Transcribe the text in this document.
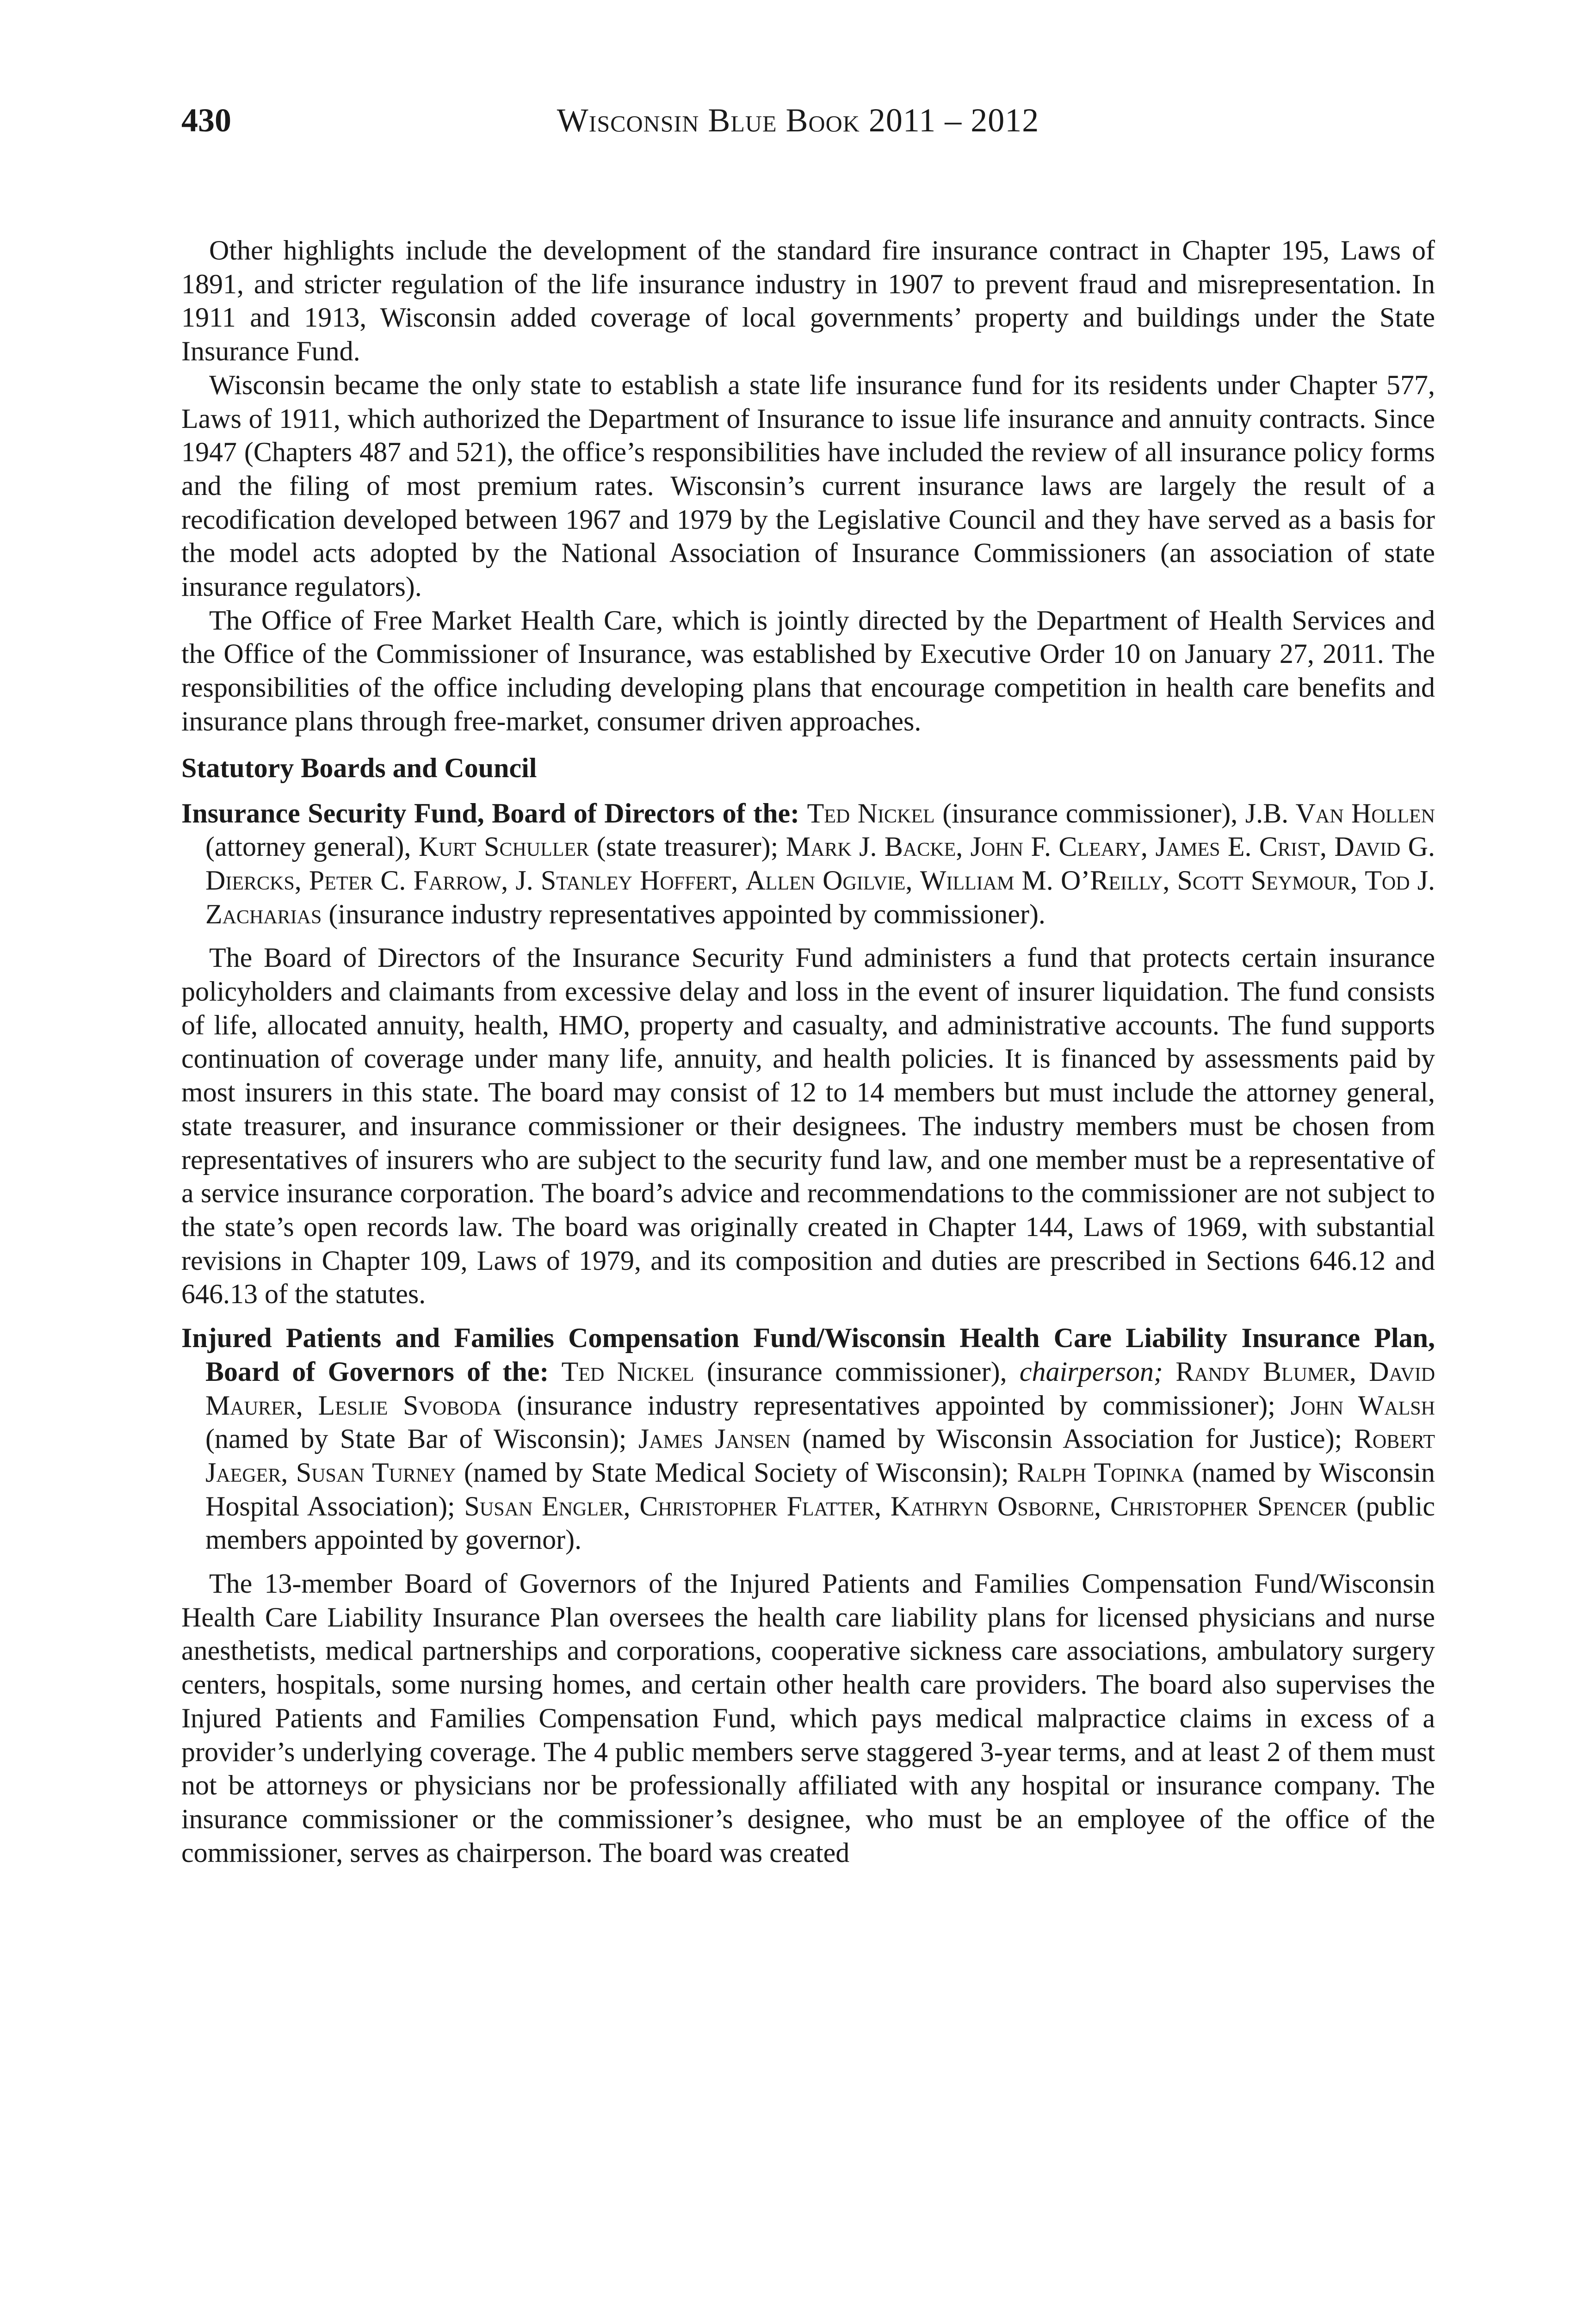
430	Wisconsin Blue Book 2011 – 2012

Other highlights include the development of the standard fire insurance contract in Chapter 195, Laws of 1891, and stricter regulation of the life insurance industry in 1907 to prevent fraud and misrepresentation. In 1911 and 1913, Wisconsin added coverage of local governments’ property and buildings under the State Insurance Fund.

Wisconsin became the only state to establish a state life insurance fund for its residents under Chapter 577, Laws of 1911, which authorized the Department of Insurance to issue life insurance and annuity contracts. Since 1947 (Chapters 487 and 521), the office’s responsibilities have included the review of all insurance policy forms and the filing of most premium rates. Wisconsin’s current insurance laws are largely the result of a recodification developed between 1967 and 1979 by the Legislative Council and they have served as a basis for the model acts adopted by the National Association of Insurance Commissioners (an association of state insurance regulators).

The Office of Free Market Health Care, which is jointly directed by the Department of Health Services and the Office of the Commissioner of Insurance, was established by Executive Order 10 on January 27, 2011. The responsibilities of the office including developing plans that encourage competition in health care benefits and insurance plans through free-market, consumer driven approaches.

Statutory Boards and Council

Insurance Security Fund, Board of Directors of the: Ted Nickel (insurance commissioner), J.B. Van Hollen (attorney general), Kurt Schuller (state treasurer); Mark J. Backe, John F. Cleary, James E. Crist, David G. Diercks, Peter C. Farrow, J. Stanley Hoffert, Allen Ogilvie, William M. O’Reilly, Scott Seymour, Tod J. Zacharias (insurance industry representatives appointed by commissioner).

The Board of Directors of the Insurance Security Fund administers a fund that protects certain insurance policyholders and claimants from excessive delay and loss in the event of insurer liquidation. The fund consists of life, allocated annuity, health, HMO, property and casualty, and administrative accounts. The fund supports continuation of coverage under many life, annuity, and health policies. It is financed by assessments paid by most insurers in this state. The board may consist of 12 to 14 members but must include the attorney general, state treasurer, and insurance commissioner or their designees. The industry members must be chosen from representatives of insurers who are subject to the security fund law, and one member must be a representative of a service insurance corporation. The board’s advice and recommendations to the commissioner are not subject to the state’s open records law. The board was originally created in Chapter 144, Laws of 1969, with substantial revisions in Chapter 109, Laws of 1979, and its composition and duties are prescribed in Sections 646.12 and 646.13 of the statutes.

Injured Patients and Families Compensation Fund/Wisconsin Health Care Liability Insurance Plan, Board of Governors of the: Ted Nickel (insurance commissioner), chairperson; Randy Blumer, David Maurer, Leslie Svoboda (insurance industry representatives appointed by commissioner); John Walsh (named by State Bar of Wisconsin); James Jansen (named by Wisconsin Association for Justice); Robert Jaeger, Susan Turney (named by State Medical Society of Wisconsin); Ralph Topinka (named by Wisconsin Hospital Association); Susan Engler, Christopher Flatter, Kathryn Osborne, Christopher Spencer (public members appointed by governor).

The 13-member Board of Governors of the Injured Patients and Families Compensation Fund/Wisconsin Health Care Liability Insurance Plan oversees the health care liability plans for licensed physicians and nurse anesthetists, medical partnerships and corporations, cooperative sickness care associations, ambulatory surgery centers, hospitals, some nursing homes, and certain other health care providers. The board also supervises the Injured Patients and Families Compensation Fund, which pays medical malpractice claims in excess of a provider’s underlying coverage. The 4 public members serve staggered 3-year terms, and at least 2 of them must not be attorneys or physicians nor be professionally affiliated with any hospital or insurance company. The insurance commissioner or the commissioner’s designee, who must be an employee of the office of the commissioner, serves as chairperson. The board was created
